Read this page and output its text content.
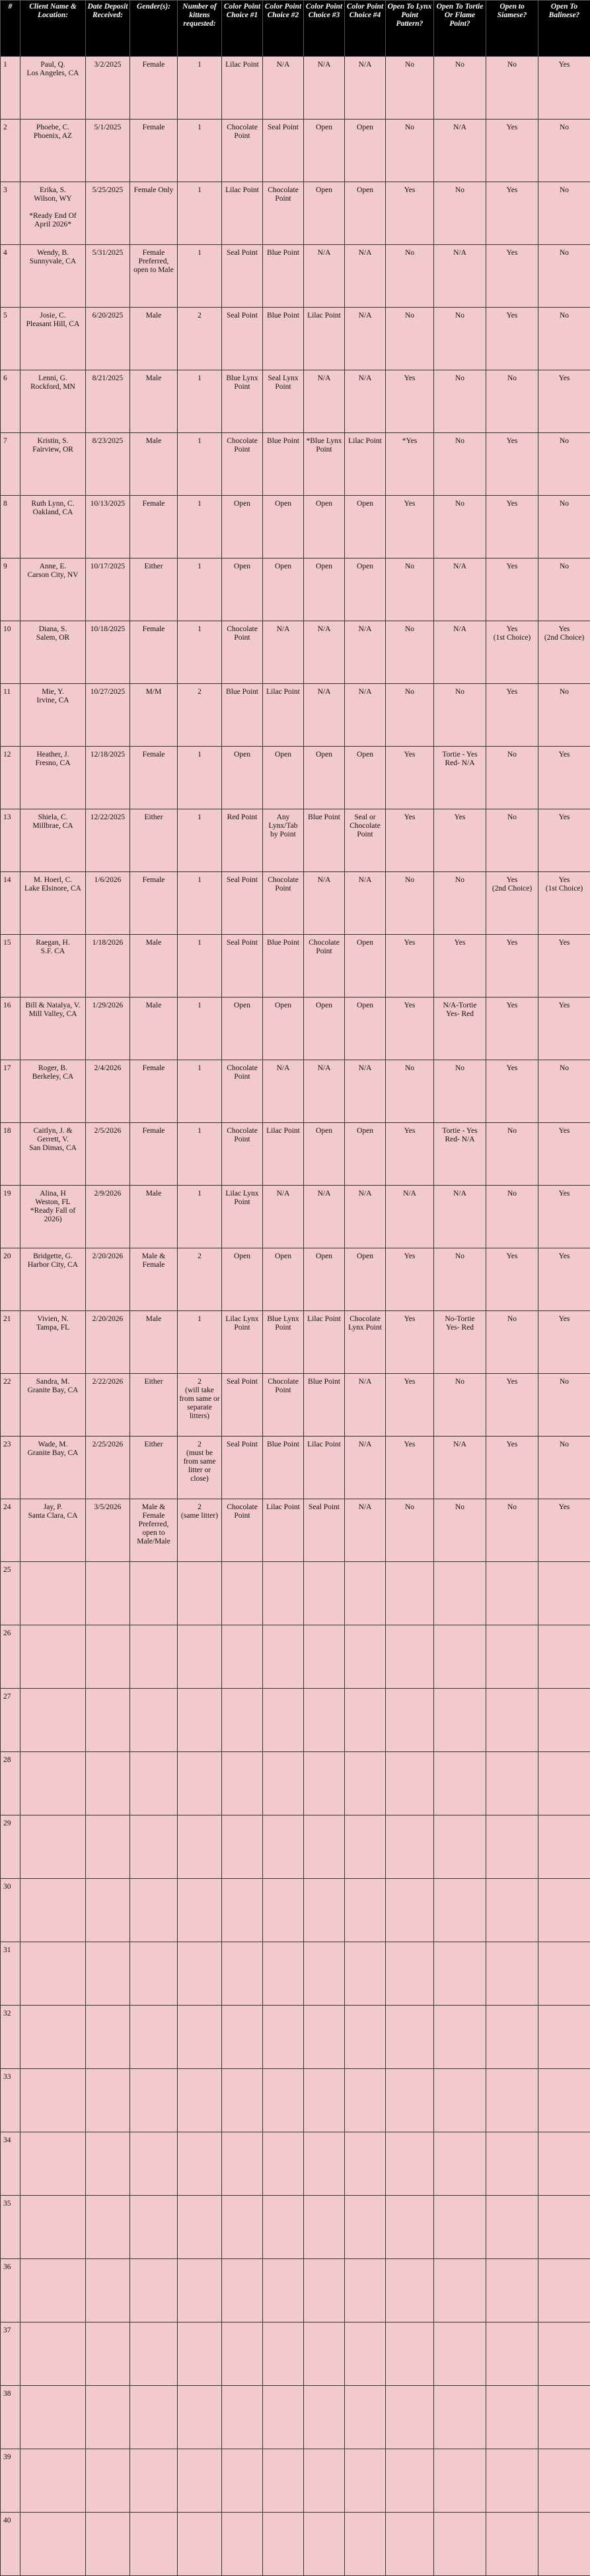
#	Client Name & Location:	Date Deposit Received:	Gender(s):	Number of kittens requested:	Color Point Choice #1	Color Point Choice #2	Color Point Choice #3	Color Point Choice #4	Open To Lynx Point Pattern?	Open To Tortie Or Flame Point?	Open to Siamese?	Open To Balinese?
1	Paul, Q.
Los Angeles, CA	3/2/2025	Female	1	Lilac Point	N/A	N/A	N/A	No	No	No	Yes
2	Phoebe, C.
Phoenix, AZ	5/1/2025	Female	1	Chocolate Point	Seal Point	Open	Open	No	N/A	Yes	No
3	Erika, S.
Wilson, WY

*Ready End Of April 2026*	5/25/2025	Female Only	1	Lilac Point	Chocolate Point	Open	Open	Yes	No	Yes	No
4	Wendy, B.
Sunnyvale, CA	5/31/2025	Female Preferred, open to Male	1	Seal Point	Blue Point	N/A	N/A	No	N/A	Yes	No
5	Josie, C.
Pleasant Hill, CA	6/20/2025	Male	2	Seal Point	Blue Point	Lilac Point	N/A	No	No	Yes	No
6	Lenni, G.
Rockford, MN	8/21/2025	Male	1	Blue Lynx Point	Seal Lynx Point	N/A	N/A	Yes	No	No	Yes
7	Kristin, S.
Fairview, OR	8/23/2025	Male	1	Chocolate Point	Blue Point	*Blue Lynx Point	Lilac Point	*Yes	No	Yes	No
8	Ruth Lynn, C.
Oakland, CA	10/13/2025	Female	1	Open	Open	Open	Open	Yes	No	Yes	No
9	Anne, E.
Carson City, NV	10/17/2025	Either	1	Open	Open	Open	Open	No	N/A	Yes	No
10	Diana, S.
Salem, OR	10/18/2025	Female	1	Chocolate Point	N/A	N/A	N/A	No	N/A	Yes
(1st Choice)	Yes
(2nd Choice)
11	Mie, Y.
Irvine, CA	10/27/2025	M/M	2	Blue Point	Lilac Point	N/A	N/A	No	No	Yes	No
12	Heather, J.
Fresno, CA	12/18/2025	Female	1	Open	Open	Open	Open	Yes	Tortie - Yes
Red- N/A	No	Yes
13	Shiela, C.
Millbrae, CA	12/22/2025	Either	1	Red Point	Any Lynx/Tab by Point	Blue Point	Seal or Chocolate Point	Yes	Yes	No	Yes
14	M. Hoerl, C.
Lake Elsinore, CA	1/6/2026	Female	1	Seal Point	Chocolate Point	N/A	N/A	No	No	Yes
(2nd Choice)	Yes
(1st Choice)
15	Raegan, H.
S.F. CA	1/18/2026	Male	1	Seal Point	Blue Point	Chocolate Point	Open	Yes	Yes	Yes	Yes
16	Bill & Natalya, V.
Mill Valley, CA	1/29/2026	Male	1	Open	Open	Open	Open	Yes	N/A-Tortie
Yes- Red	Yes	Yes
17	Roger, B.
Berkeley, CA	2/4/2026	Female	1	Chocolate Point	N/A	N/A	N/A	No	No	Yes	No
18	Caitlyn, J. &
Gerrett, V.
San Dimas, CA	2/5/2026	Female	1	Chocolate Point	Lilac Point	Open	Open	Yes	Tortie - Yes
Red- N/A	No	Yes
19	Alina, H
Weston, FL
*Ready Fall of 2026)	2/9/2026	Male	1	Lilac Lynx Point	N/A	N/A	N/A	N/A	N/A	No	Yes
20	Bridgette, G.
Harbor City, CA	2/20/2026	Male &
Female	2	Open	Open	Open	Open	Yes	No	Yes	Yes
21	Vivien, N.
Tampa, FL	2/20/2026	Male	1	Lilac Lynx Point	Blue Lynx Point	Lilac Point	Chocolate Lynx Point	Yes	No-Tortie
Yes- Red	No	Yes
22	Sandra, M.
Granite Bay, CA	2/22/2026	Either	2
(will take from same or separate litters)	Seal Point	Chocolate Point	Blue Point	N/A	Yes	No	Yes	No
23	Wade, M.
Granite Bay, CA	2/25/2026	Either	2
(must be from same litter or close)	Seal Point	Blue Point	Lilac Point	N/A	Yes	N/A	Yes	No
24	Jay, P.
Santa Clara, CA	3/5/2026	Male & Female Preferred, open to Male/Male	2
(same litter)	Chocolate Point	Lilac Point	Seal Point	N/A	No	No	No	Yes
25												
26												
27												
28												
29												
30												
31												
32												
33												
34												
35												
36												
37												
38												
39												
40												
